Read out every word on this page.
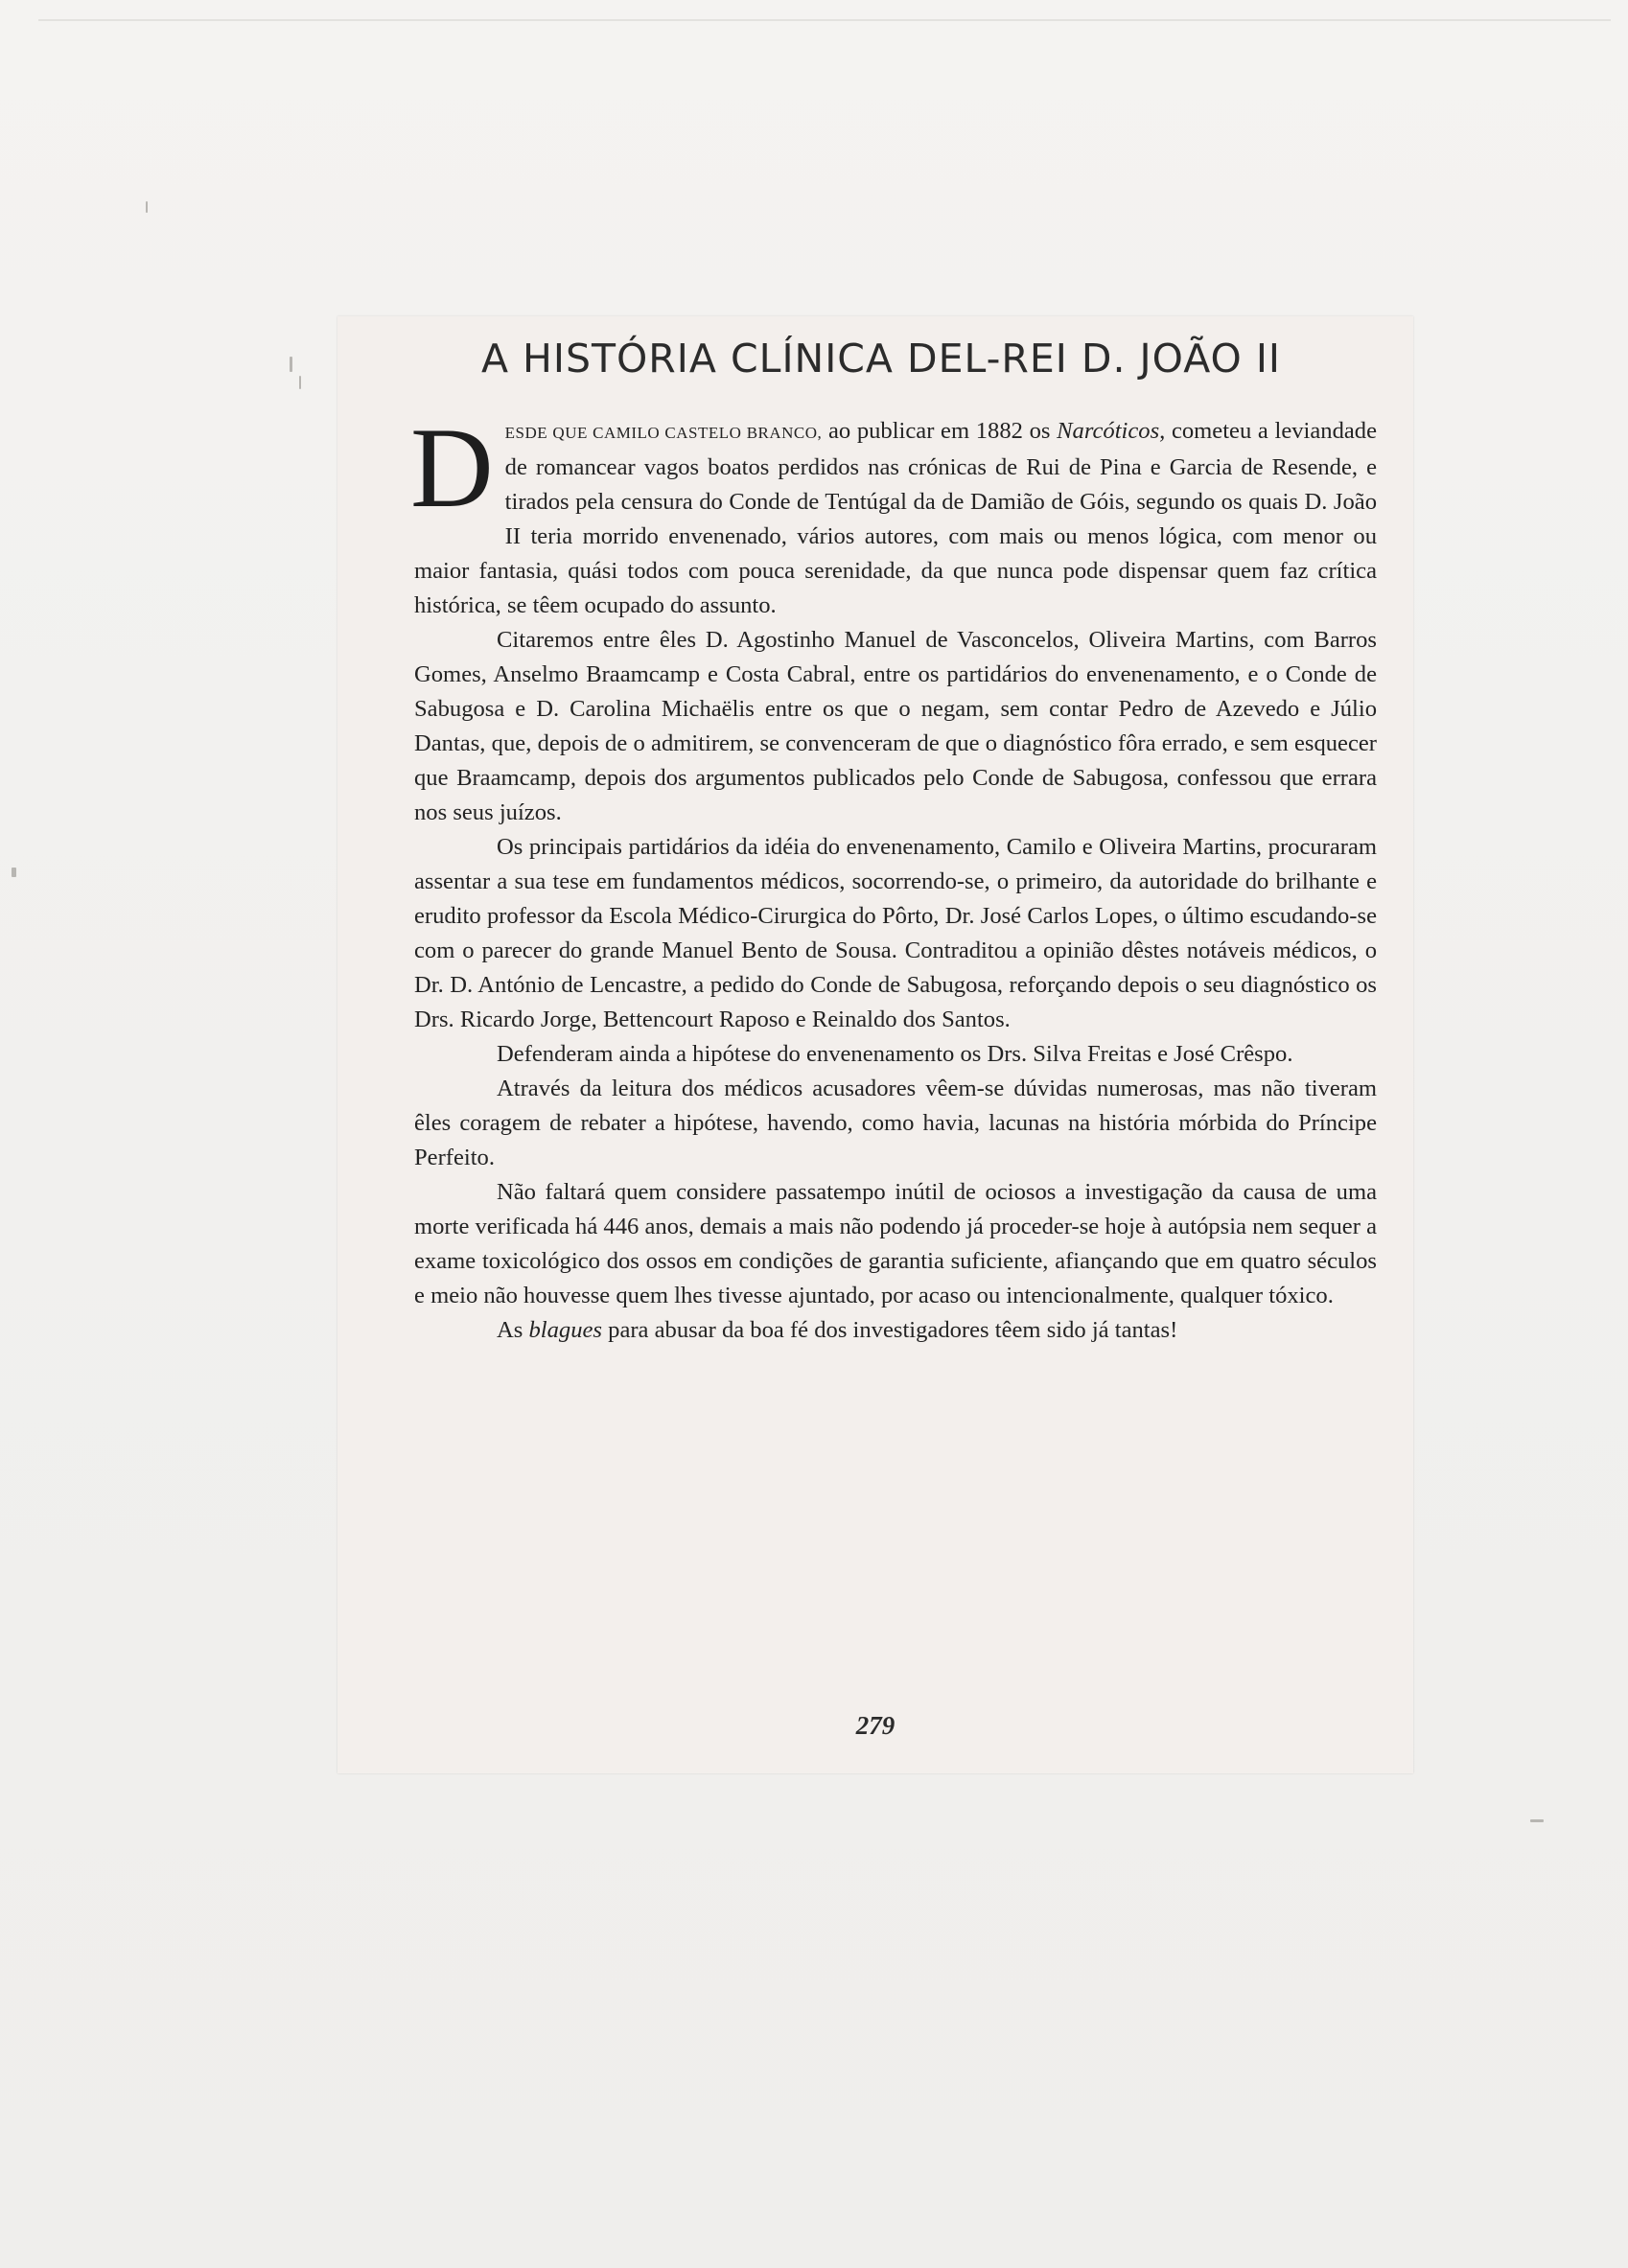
A HISTÓRIA CLÍNICA DEL-REI D. JOÃO II

DESDE QUE CAMILO CASTELO BRANCO, ao publicar em 1882 os Narcóticos, cometeu a leviandade de romancear vagos boatos perdidos nas crónicas de Rui de Pina e Garcia de Resende, e tirados pela censura do Conde de Tentúgal da de Damião de Góis, segundo os quais D. João II teria morrido envenenado, vários autores, com mais ou menos lógica, com menor ou maior fantasia, quási todos com pouca serenidade, da que nunca pode dispensar quem faz crítica histórica, se têem ocupado do assunto.

Citaremos entre êles D. Agostinho Manuel de Vasconcelos, Oliveira Martins, com Barros Gomes, Anselmo Braamcamp e Costa Cabral, entre os partidários do envenenamento, e o Conde de Sabugosa e D. Carolina Michaëlis entre os que o negam, sem contar Pedro de Azevedo e Júlio Dantas, que, depois de o admitirem, se convenceram de que o diagnóstico fôra errado, e sem esquecer que Braamcamp, depois dos argumentos publicados pelo Conde de Sabugosa, confessou que errara nos seus juízos.

Os principais partidários da idéia do envenenamento, Camilo e Oliveira Martins, procuraram assentar a sua tese em fundamentos médicos, socorrendo-se, o primeiro, da autoridade do brilhante e erudito professor da Escola Médico-Cirurgica do Pôrto, Dr. José Carlos Lopes, o último escudando-se com o parecer do grande Manuel Bento de Sousa. Contraditou a opinião dêstes notáveis médicos, o Dr. D. António de Lencastre, a pedido do Conde de Sabugosa, reforçando depois o seu diagnóstico os Drs. Ricardo Jorge, Bettencourt Raposo e Reinaldo dos Santos.

Defenderam ainda a hipótese do envenenamento os Drs. Silva Freitas e José Crêspo.

Através da leitura dos médicos acusadores vêem-se dúvidas numerosas, mas não tiveram êles coragem de rebater a hipótese, havendo, como havia, lacunas na história mórbida do Príncipe Perfeito.

Não faltará quem considere passatempo inútil de ociosos a investigação da causa de uma morte verificada há 446 anos, demais a mais não podendo já proceder-se hoje à autópsia nem sequer a exame toxicológico dos ossos em condições de garantia suficiente, afiançando que em quatro séculos e meio não houvesse quem lhes tivesse ajuntado, por acaso ou intencionalmente, qualquer tóxico.

As blagues para abusar da boa fé dos investigadores têem sido já tantas!

279
